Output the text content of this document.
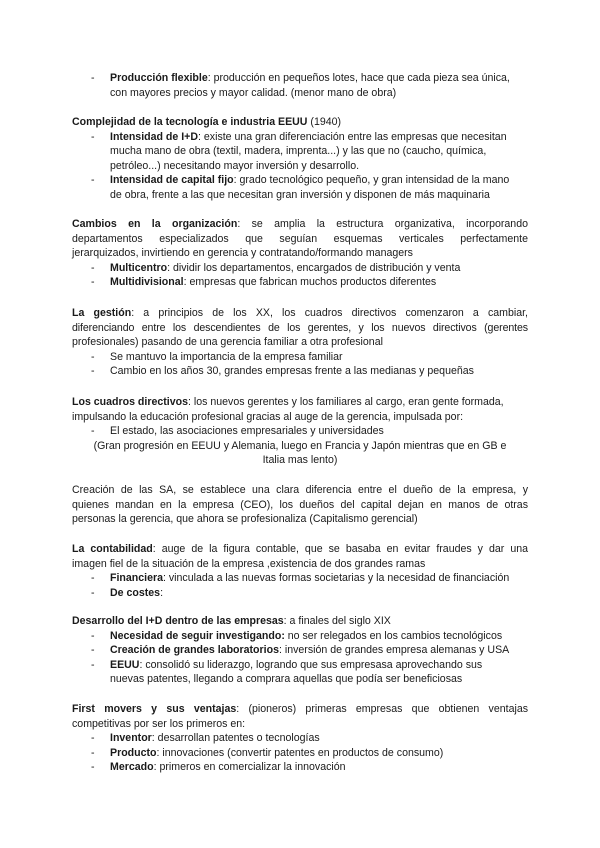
- Producción flexible: producción en pequeños lotes, hace que cada pieza sea única,
con mayores precios y mayor calidad. (menor mano de obra)
Complejidad de la tecnología e industria EEUU (1940)
- Intensidad de I+D: existe una gran diferenciación entre las empresas que necesitan
mucha mano de obra (textil, madera, imprenta...) y las que no (caucho, química,
petróleo...) necesitando mayor inversión y desarrollo.
- Intensidad de capital fijo: grado tecnológico pequeño, y gran intensidad de la mano
de obra, frente a las que necesitan gran inversión y disponen de más maquinaria
Cambios en la organización: se amplia la estructura organizativa, incorporando
departamentos especializados que seguían esquemas verticales perfectamente
jerarquizados, invirtiendo en gerencia y contratando/formando managers
- Multicentro: dividir los departamentos, encargados de distribución y venta
- Multidivisional: empresas que fabrican muchos productos diferentes
La gestión: a principios de los XX, los cuadros directivos comenzaron a cambiar,
diferenciando entre los descendientes de los gerentes, y los nuevos directivos (gerentes
profesionales) pasando de una gerencia familiar a otra profesional
- Se mantuvo la importancia de la empresa familiar
- Cambio en los años 30, grandes empresas frente a las medianas y pequeñas
Los cuadros directivos: los nuevos gerentes y los familiares al cargo, eran gente formada,
impulsando la educación profesional gracias al auge de la gerencia, impulsada por:
- El estado, las asociaciones empresariales y universidades
(Gran progresión en EEUU y Alemania, luego en Francia y Japón mientras que en GB e
Italia mas lento)
Creación de las SA, se establece una clara diferencia entre el dueño de la empresa, y
quienes mandan en la empresa (CEO), los dueños del capital dejan en manos de otras
personas la gerencia, que ahora se profesionaliza (Capitalismo gerencial)
La contabilidad: auge de la figura contable, que se basaba en evitar fraudes y dar una
imagen fiel de la situación de la empresa ,existencia de dos grandes ramas
- Financiera: vinculada a las nuevas formas societarias y la necesidad de financiación
- De costes:
Desarrollo del I+D dentro de las empresas: a finales del siglo XIX
- Necesidad de seguir investigando: no ser relegados en los cambios tecnológicos
- Creación de grandes laboratorios: inversión de grandes empresa alemanas y USA
- EEUU: consolidó su liderazgo, logrando que sus empresasa aprovechando sus
nuevas patentes, llegando a comprara aquellas que podía ser beneficiosas
First movers y sus ventajas: (pioneros) primeras empresas que obtienen ventajas
competitivas por ser los primeros en:
- Inventor: desarrollan patentes o tecnologías
- Producto: innovaciones (convertir patentes en productos de consumo)
- Mercado: primeros en comercializar la innovación
